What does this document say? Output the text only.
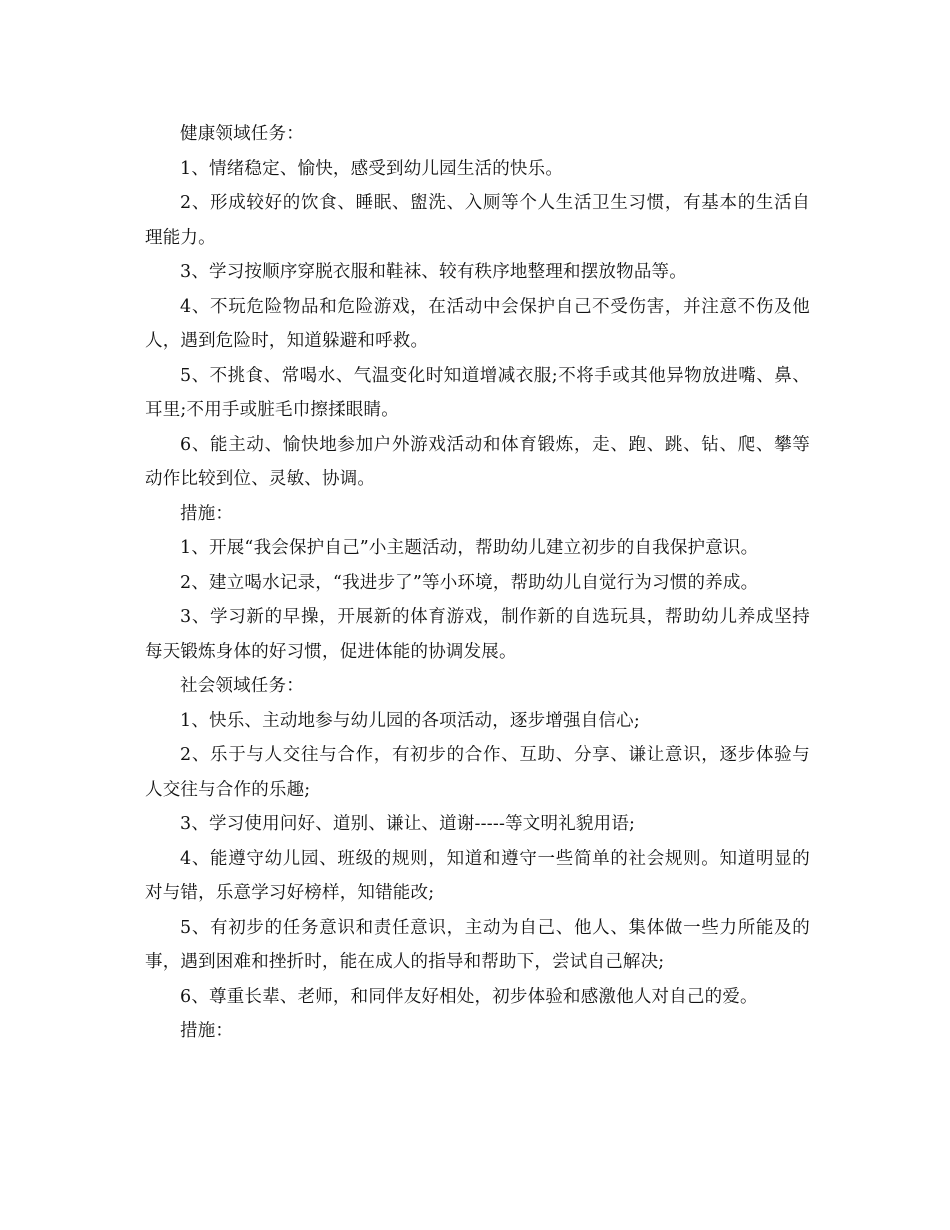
健康领域任务：

1、情绪稳定、愉快，感受到幼儿园生活的快乐。

2、形成较好的饮食、睡眠、盥洗、入厕等个人生活卫生习惯，有基本的生活自理能力。

3、学习按顺序穿脱衣服和鞋袜、较有秩序地整理和摆放物品等。

4、不玩危险物品和危险游戏，在活动中会保护自己不受伤害，并注意不伤及他人，遇到危险时，知道躲避和呼救。

5、不挑食、常喝水、气温变化时知道增减衣服;不将手或其他异物放进嘴、鼻、耳里;不用手或脏毛巾擦揉眼睛。

6、能主动、愉快地参加户外游戏活动和体育锻炼，走、跑、跳、钻、爬、攀等动作比较到位、灵敏、协调。

措施：

1、开展“我会保护自己”小主题活动，帮助幼儿建立初步的自我保护意识。

2、建立喝水记录，“我进步了”等小环境，帮助幼儿自觉行为习惯的养成。

3、学习新的早操，开展新的体育游戏，制作新的自选玩具，帮助幼儿养成坚持每天锻炼身体的好习惯，促进体能的协调发展。

社会领域任务：

1、快乐、主动地参与幼儿园的各项活动，逐步增强自信心;

2、乐于与人交往与合作，有初步的合作、互助、分享、谦让意识，逐步体验与人交往与合作的乐趣;

3、学习使用问好、道别、谦让、道谢-----等文明礼貌用语;

4、能遵守幼儿园、班级的规则，知道和遵守一些简单的社会规则。知道明显的对与错，乐意学习好榜样，知错能改;

5、有初步的任务意识和责任意识，主动为自己、他人、集体做一些力所能及的事，遇到困难和挫折时，能在成人的指导和帮助下，尝试自己解决;

6、尊重长辈、老师，和同伴友好相处，初步体验和感激他人对自己的爱。

措施：
